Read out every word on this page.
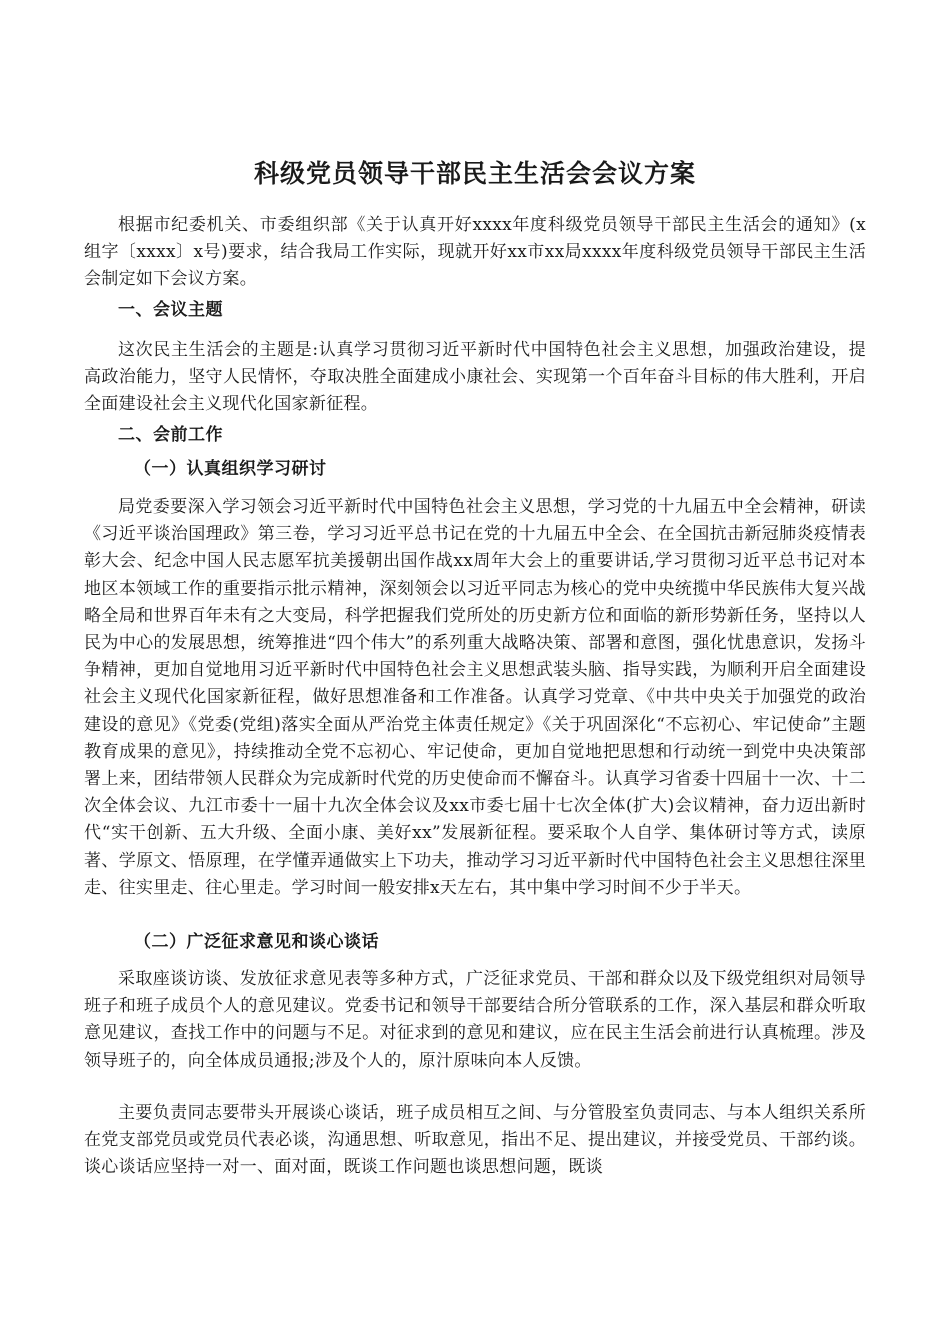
科级党员领导干部民主生活会会议方案

根据市纪委机关、市委组织部《关于认真开好xxxx年度科级党员领导干部民主生活会的通知》(x组字〔xxxx〕x号)要求，结合我局工作实际，现就开好xx市xx局xxxx年度科级党员领导干部民主生活会制定如下会议方案。

一、会议主题

这次民主生活会的主题是:认真学习贯彻习近平新时代中国特色社会主义思想，加强政治建设，提高政治能力，坚守人民情怀，夺取决胜全面建成小康社会、实现第一个百年奋斗目标的伟大胜利，开启全面建设社会主义现代化国家新征程。

二、会前工作

（一）认真组织学习研讨

局党委要深入学习领会习近平新时代中国特色社会主义思想，学习党的十九届五中全会精神，研读《习近平谈治国理政》第三卷，学习习近平总书记在党的十九届五中全会、在全国抗击新冠肺炎疫情表彰大会、纪念中国人民志愿军抗美援朝出国作战xx周年大会上的重要讲话,学习贯彻习近平总书记对本地区本领域工作的重要指示批示精神，深刻领会以习近平同志为核心的党中央统揽中华民族伟大复兴战略全局和世界百年未有之大变局，科学把握我们党所处的历史新方位和面临的新形势新任务，坚持以人民为中心的发展思想，统筹推进“四个伟大”的系列重大战略决策、部署和意图，强化忧患意识，发扬斗争精神，更加自觉地用习近平新时代中国特色社会主义思想武装头脑、指导实践，为顺利开启全面建设社会主义现代化国家新征程，做好思想准备和工作准备。认真学习党章、《中共中央关于加强党的政治建设的意见》《党委(党组)落实全面从严治党主体责任规定》《关于巩固深化“不忘初心、牢记使命”主题教育成果的意见》，持续推动全党不忘初心、牢记使命，更加自觉地把思想和行动统一到党中央决策部署上来，团结带领人民群众为完成新时代党的历史使命而不懈奋斗。认真学习省委十四届十一次、十二次全体会议、九江市委十一届十九次全体会议及xx市委七届十七次全体(扩大)会议精神，奋力迈出新时代“实干创新、五大升级、全面小康、美好xx”发展新征程。要采取个人自学、集体研讨等方式，读原著、学原文、悟原理，在学懂弄通做实上下功夫，推动学习习近平新时代中国特色社会主义思想往深里走、往实里走、往心里走。学习时间一般安排x天左右，其中集中学习时间不少于半天。

（二）广泛征求意见和谈心谈话

采取座谈访谈、发放征求意见表等多种方式，广泛征求党员、干部和群众以及下级党组织对局领导班子和班子成员个人的意见建议。党委书记和领导干部要结合所分管联系的工作，深入基层和群众听取意见建议，查找工作中的问题与不足。对征求到的意见和建议，应在民主生活会前进行认真梳理。涉及领导班子的，向全体成员通报;涉及个人的，原汁原味向本人反馈。

主要负责同志要带头开展谈心谈话，班子成员相互之间、与分管股室负责同志、与本人组织关系所在党支部党员或党员代表必谈，沟通思想、听取意见，指出不足、提出建议，并接受党员、干部约谈。谈心谈话应坚持一对一、面对面，既谈工作问题也谈思想问题，既谈
